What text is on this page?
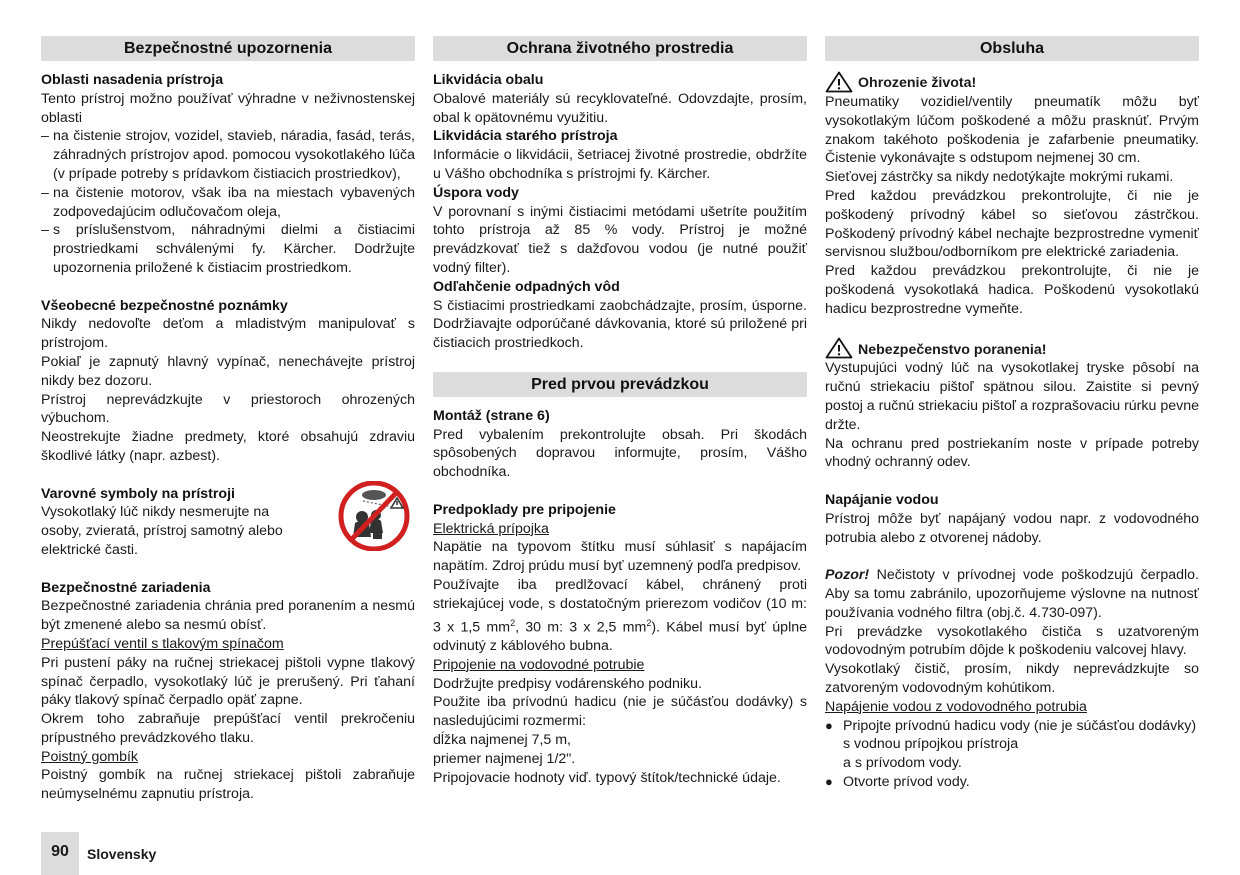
Bezpečnostné upozornenia
Oblasti nasadenia prístroja

Tento prístroj možno používať výhradne v neživnostenskej oblasti

– na čistenie strojov, vozidel, stavieb, náradia, fasád, terás, záhradných prístrojov apod. pomocou vysokotlakého lúča (v prípade potreby s prídavkom čistiacich prostriedkov),
– na čistenie motorov, však iba na miestach vybavených zodpovedajúcim odlučovačom oleja,
– s príslušenstvom, náhradnými dielmi a čistiacimi prostriedkami schválenými fy. Kärcher. Dodržujte upozornenia priložené k čistiacim prostriedkom.
Všeobecné bezpečnostné poznámky

Nikdy nedovoľte deťom a mladistvým manipulovať s prístrojom.

Pokiaľ je zapnutý hlavný vypínač, nenechávejte prístroj nikdy bez dozoru.

Prístroj neprevádzkujte v priestoroch ohrozených výbuchom.

Neostrekujte žiadne predmety, ktoré obsahujú zdraviu škodlivé látky (napr. azbest).

Varovné symboly na prístroji

Vysokotlaký lúč nikdy nesmerujte na osoby, zvieratá, prístroj samotný alebo elektrické časti.

Bezpečnostné zariadenia

Bezpečnostné zariadenia chránia pred poranením a nesmú být zmenené alebo sa nesmú obísť.

Prepúšťací ventil s tlakovým spínačom

Pri pustení páky na ručnej striekacej pištoli vypne tlakový spínač čerpadlo, vysokotlaký lúč je prerušený. Pri ťahaní páky tlakový spínač čerpadlo opäť zapne.

Okrem toho zabraňuje prepúšťací ventil prekročeniu prípustného prevádzkového tlaku.

Poistný gombík

Poistný gombík na ručnej striekacej pištoli zabraňuje neúmyselnému zapnutiu prístroja.

Ochrana životného prostredia
Likvidácia obalu

Obalové materiály sú recyklovateľné. Odovzdajte, prosím, obal k opätovnému využitiu.

Likvidácia starého prístroja

Informácie o likvidácii, šetriacej životné prostredie, obdržíte u Vášho obchodníka s prístrojmi fy. Kärcher.

Úspora vody

V porovnaní s inými čistiacimi metódami ušetríte použitím tohto prístroja až 85 % vody. Prístroj je možné prevádzkovať tiež s dažďovou vodou (je nutné použiť vodný filter).

Odľahčenie odpadných vôd

S čistiacimi prostriedkami zaobchádzajte, prosím, úsporne. Dodržiavajte odporúčané dávkovania, ktoré sú priložené pri čistiacich prostriedkoch.

Pred prvou prevádzkou
Montáž (strane 6)

Pred vybalením prekontrolujte obsah. Pri škodách spôsobených dopravou informujte, prosím, Vášho obchodníka.

Predpoklady pre pripojenie
Elektrická prípojka

Napätie na typovom štítku musí súhlasiť s napájacím napätím. Zdroj prúdu musí byť uzemnený podľa predpisov.

Používajte iba predlžovací kábel, chránený proti striekajúcej vode, s dostatočným prierezom vodičov (10 m: 3 x 1,5 $mm^2$, 30 m: 3 x 2,5 $mm^2$). Kábel musí byť úplne odvinutý z káblového bubna.

Pripojenie na vodovodné potrubie

Dodržujte predpisy vodárenského podniku.

Použite iba prívodnú hadicu (nie je súčásťou dodávky) s nasledujúcimi rozmermi:

dĺžka najmenej 7,5 m,

priemer najmenej 1/2".

Pripojovacie hodnoty viď. typový štítok/technické údaje.

Obsluha
Ohrozenie života!

Pneumatiky vozidiel/ventily pneumatík môžu byť vysokotlakým lúčom poškodené a môžu prasknúť. Prvým znakom takéhoto poškodenia je zafarbenie pneumatiky. Čistenie vykonávajte s odstupom nejmenej 30 cm.

Sieťovej zástrčky sa nikdy nedotýkajte mokrými rukami.

Pred každou prevádzkou prekontrolujte, či nie je poškodený prívodný kábel so sieťovou zástrčkou. Poškodený prívodný kábel nechajte bezprostredne vymeniť servisnou službou/odborníkom pre elektrické zariadenia.

Pred každou prevádzkou prekontrolujte, či nie je poškodená vysokotlaká hadica. Poškodenú vysokotlakú hadicu bezprostredne vymeňte.

Nebezpečenstvo poranenia!

Vystupujúci vodný lúč na vysokotlakej tryske pôsobí na ručnú striekaciu pištoľ spätnou silou. Zaistite si pevný postoj a ručnú striekaciu pištoľ a rozprašovaciu rúrku pevne držte.

Na ochranu pred postriekaním noste v prípade potreby vhodný ochranný odev.

Napájanie vodou

Prístroj môže byť napájaný vodou napr. z vodovodného potrubia alebo z otvorenej nádoby.

Pozor! Nečistoty v prívodnej vode poškodzujú čerpadlo. Aby sa tomu zabránilo, upozorňujeme výslovne na nutnosť používania vodného filtra (obj.č. 4.730-097).

Pri prevádzke vysokotlakého čističa s uzatvoreným vodovodným potrubím dôjde k poškodeniu valcovej hlavy.

Vysokotlaký čistič, prosím, nikdy neprevádzkujte so zatvoreným vodovodným kohútikom.

Napájenie vodou z vodovodného potrubia
● Pripojte prívodnú hadicu vody (nie je súčásťou dodávky) s vodnou prípojkou prístroja
a s prívodom vody.
● Otvorte prívod vody.
90	Slovensky
